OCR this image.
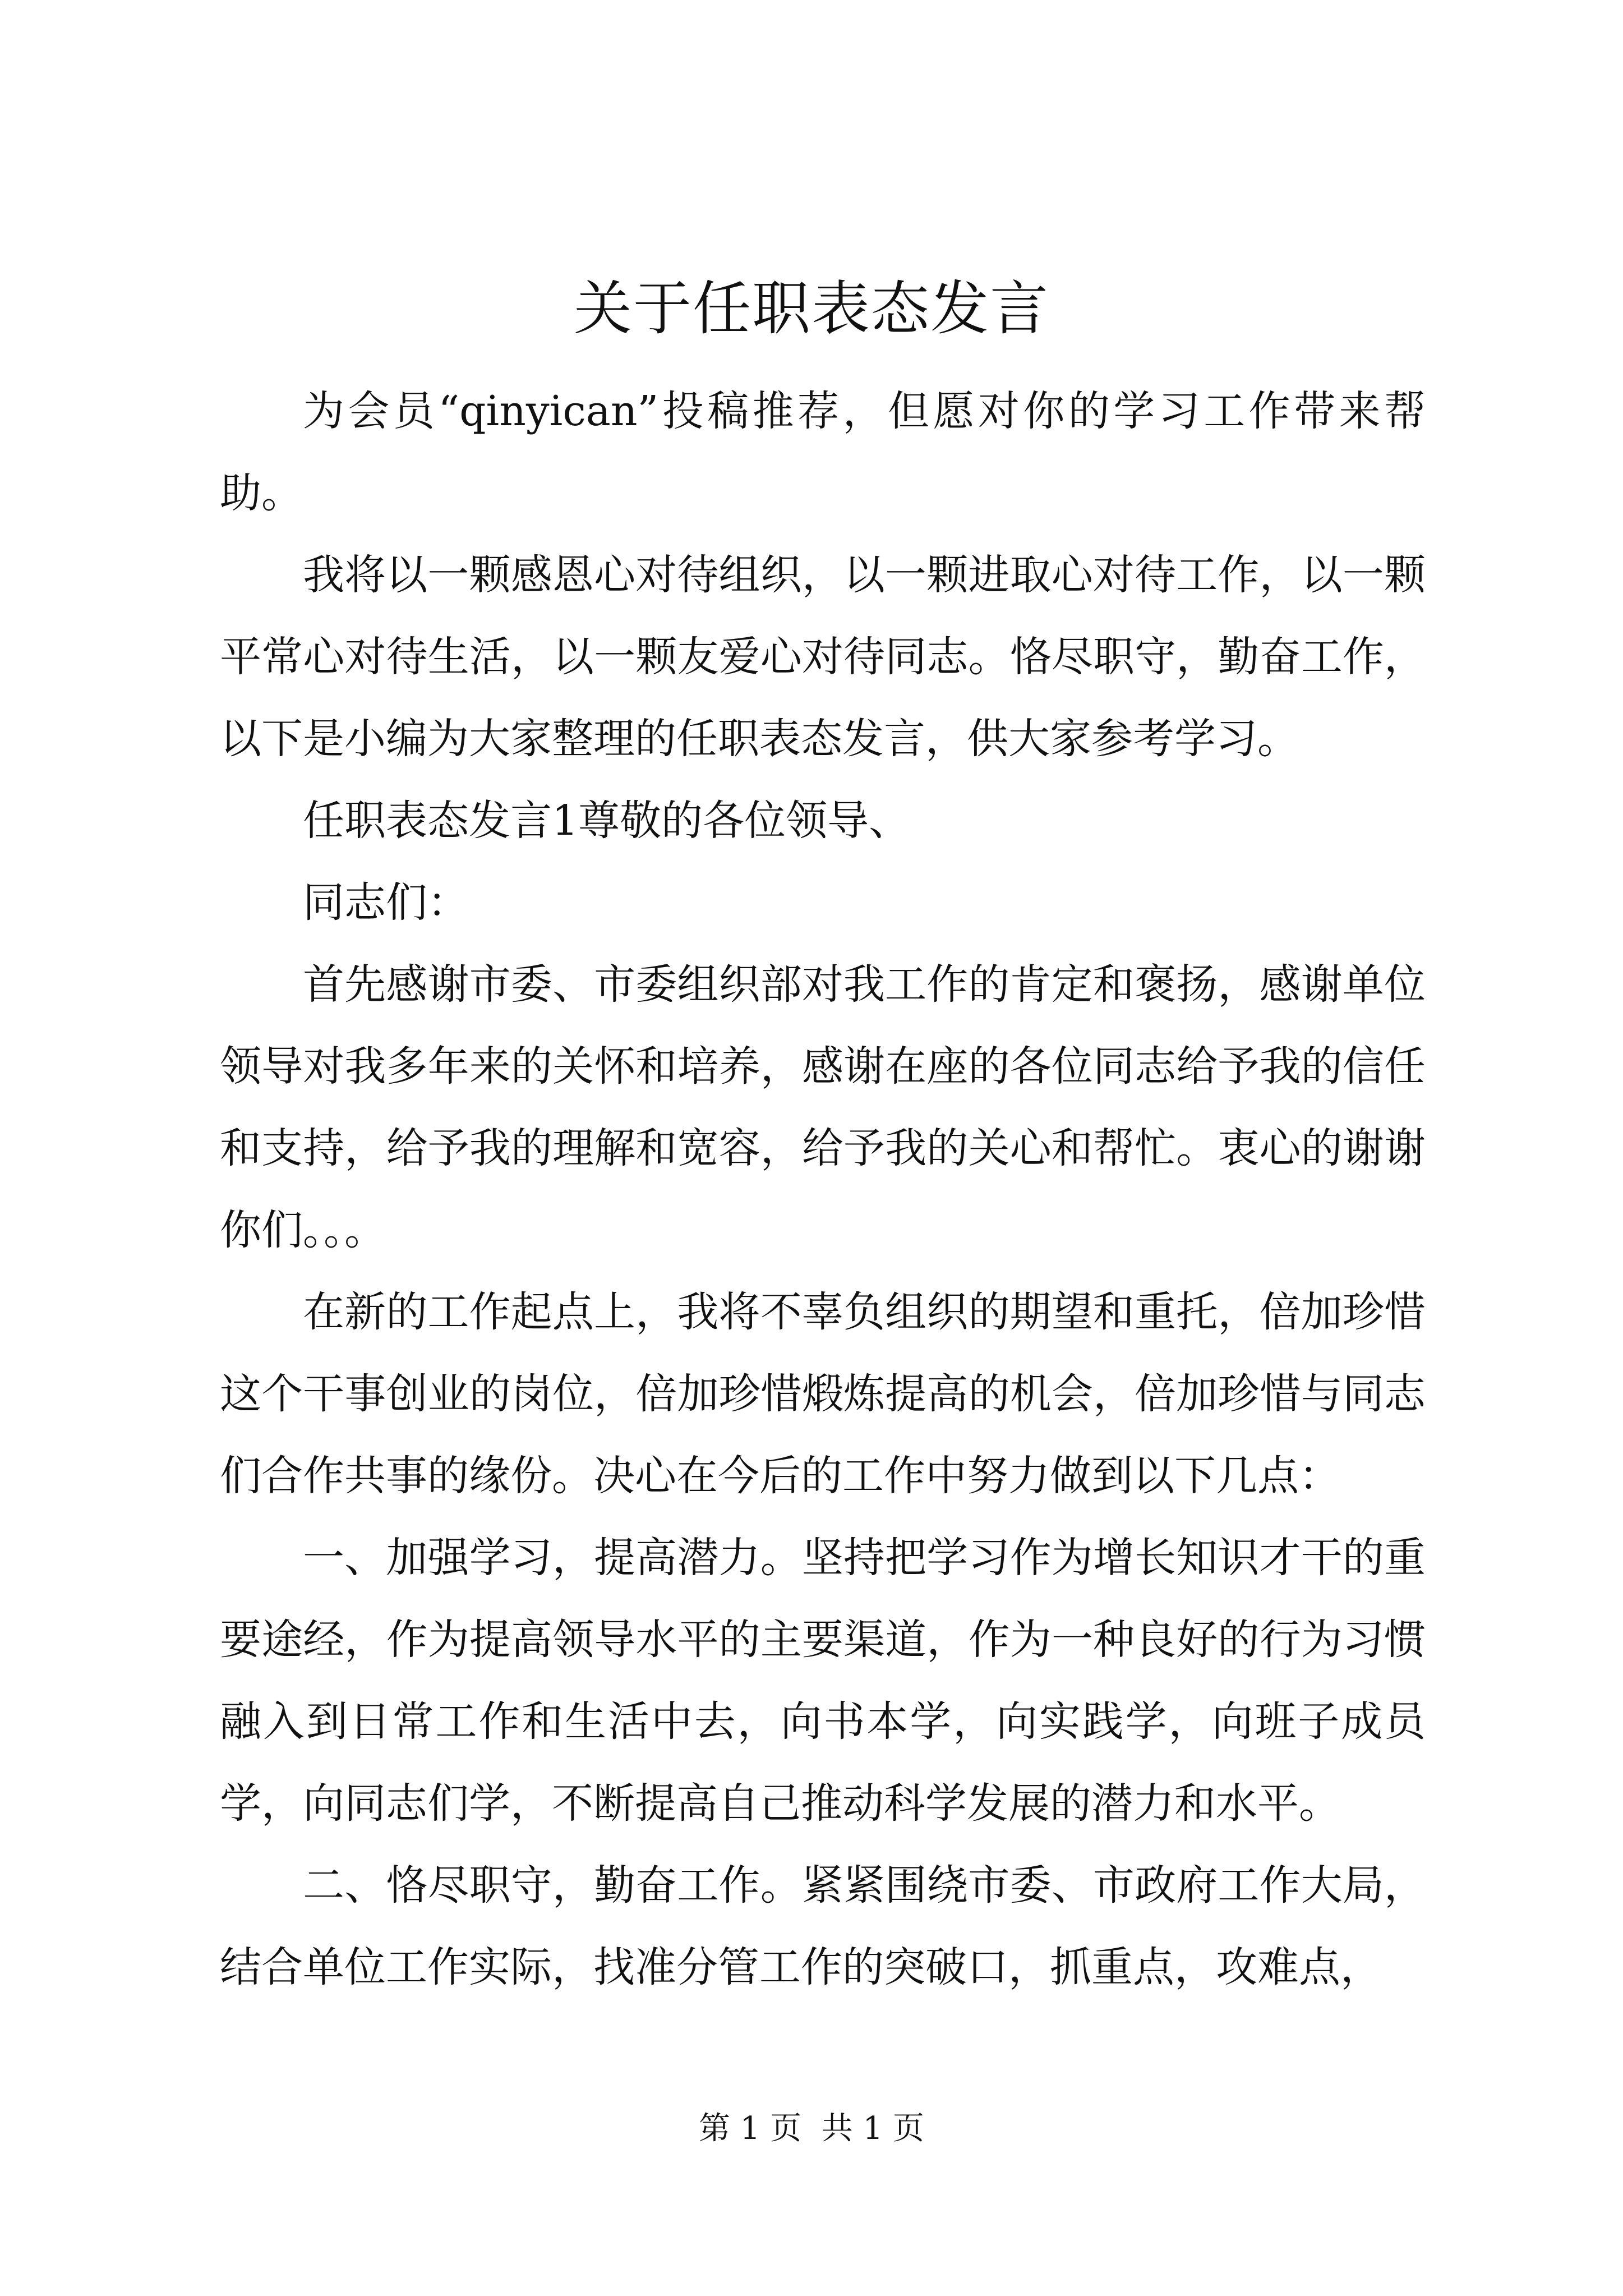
关于任职表态发言

为会员“qinyican”投稿推荐，但愿对你的学习工作带来帮助。

我将以一颗感恩心对待组织，以一颗进取心对待工作，以一颗平常心对待生活，以一颗友爱心对待同志。恪尽职守，勤奋工作，以下是小编为大家整理的任职表态发言，供大家参考学习。

任职表态发言1尊敬的各位领导、

同志们：

首先感谢市委、市委组织部对我工作的肯定和褒扬，感谢单位领导对我多年来的关怀和培养，感谢在座的各位同志给予我的信任和支持，给予我的理解和宽容，给予我的关心和帮忙。衷心的谢谢你们。。。

在新的工作起点上，我将不辜负组织的期望和重托，倍加珍惜这个干事创业的岗位，倍加珍惜煅炼提高的机会，倍加珍惜与同志们合作共事的缘份。决心在今后的工作中努力做到以下几点：

一、加强学习，提高潜力。坚持把学习作为增长知识才干的重要途经，作为提高领导水平的主要渠道，作为一种良好的行为习惯融入到日常工作和生活中去，向书本学，向实践学，向班子成员学，向同志们学，不断提高自己推动科学发展的潜力和水平。

二、恪尽职守，勤奋工作。紧紧围绕市委、市政府工作大局，结合单位工作实际，找准分管工作的突破口，抓重点，攻难点，

第 1 页  共 1 页
